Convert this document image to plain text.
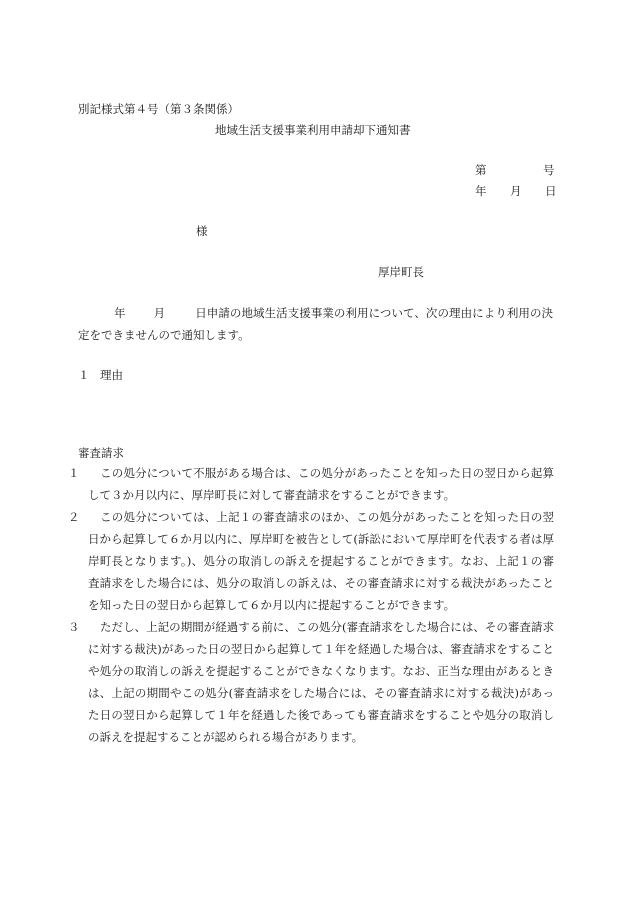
別記様式第４号（第３条関係）
地域生活支援事業利用申請却下通知書
第	号
年 月 日
様
厚岸町長
年 月	日申請の地域生活支援事業の利用について、次の理由により利用の決定をできませんので通知します。
１ 理由
審査請求
１ この処分について不服がある場合は、この処分があったことを知った日の翌日から起算して３か月以内に、厚岸町長に対して審査請求をすることができます。
２ この処分については、上記１の審査請求のほか、この処分があったことを知った日の翌日から起算して６か月以内に、厚岸町を被告として(訴訟において厚岸町を代表する者は厚岸町長となります。)、処分の取消しの訴えを提起することができます。なお、上記１の審査請求をした場合には、処分の取消しの訴えは、その審査請求に対する裁決があったことを知った日の翌日から起算して６か月以内に提起することができます。
３ ただし、上記の期間が経過する前に、この処分(審査請求をした場合には、その審査請求に対する裁決)があった日の翌日から起算して１年を経過した場合は、審査請求をすることや処分の取消しの訴えを提起することができなくなります。なお、正当な理由があるときは、上記の期間やこの処分(審査請求をした場合には、その審査請求に対する裁決)があった日の翌日から起算して１年を経過した後であっても審査請求をすることや処分の取消しの訴えを提起することが認められる場合があります。
